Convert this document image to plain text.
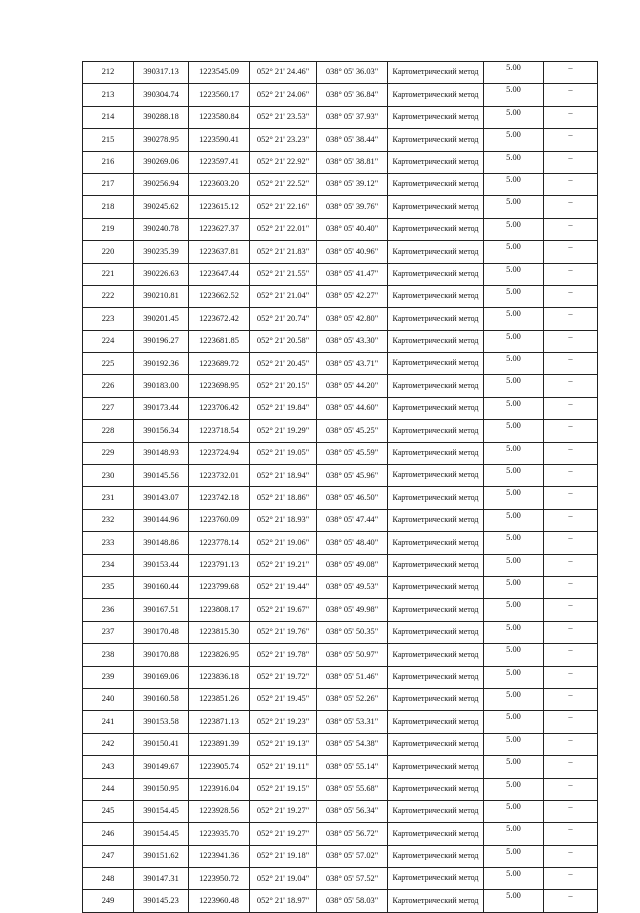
212	390317.13	1223545.09	052° 21' 24.46"	038° 05' 36.03"	Картометрический метод	5.00	–
213	390304.74	1223560.17	052° 21' 24.06"	038° 05' 36.84"	Картометрический метод	5.00	–
214	390288.18	1223580.84	052° 21' 23.53"	038° 05' 37.93"	Картометрический метод	5.00	–
215	390278.95	1223590.41	052° 21' 23.23"	038° 05' 38.44"	Картометрический метод	5.00	–
216	390269.06	1223597.41	052° 21' 22.92"	038° 05' 38.81"	Картометрический метод	5.00	–
217	390256.94	1223603.20	052° 21' 22.52"	038° 05' 39.12"	Картометрический метод	5.00	–
218	390245.62	1223615.12	052° 21' 22.16"	038° 05' 39.76"	Картометрический метод	5.00	–
219	390240.78	1223627.37	052° 21' 22.01"	038° 05' 40.40"	Картометрический метод	5.00	–
220	390235.39	1223637.81	052° 21' 21.83"	038° 05' 40.96"	Картометрический метод	5.00	–
221	390226.63	1223647.44	052° 21' 21.55"	038° 05' 41.47"	Картометрический метод	5.00	–
222	390210.81	1223662.52	052° 21' 21.04"	038° 05' 42.27"	Картометрический метод	5.00	–
223	390201.45	1223672.42	052° 21' 20.74"	038° 05' 42.80"	Картометрический метод	5.00	–
224	390196.27	1223681.85	052° 21' 20.58"	038° 05' 43.30"	Картометрический метод	5.00	–
225	390192.36	1223689.72	052° 21' 20.45"	038° 05' 43.71"	Картометрический метод	5.00	–
226	390183.00	1223698.95	052° 21' 20.15"	038° 05' 44.20"	Картометрический метод	5.00	–
227	390173.44	1223706.42	052° 21' 19.84"	038° 05' 44.60"	Картометрический метод	5.00	–
228	390156.34	1223718.54	052° 21' 19.29"	038° 05' 45.25"	Картометрический метод	5.00	–
229	390148.93	1223724.94	052° 21' 19.05"	038° 05' 45.59"	Картометрический метод	5.00	–
230	390145.56	1223732.01	052° 21' 18.94"	038° 05' 45.96"	Картометрический метод	5.00	–
231	390143.07	1223742.18	052° 21' 18.86"	038° 05' 46.50"	Картометрический метод	5.00	–
232	390144.96	1223760.09	052° 21' 18.93"	038° 05' 47.44"	Картометрический метод	5.00	–
233	390148.86	1223778.14	052° 21' 19.06"	038° 05' 48.40"	Картометрический метод	5.00	–
234	390153.44	1223791.13	052° 21' 19.21"	038° 05' 49.08"	Картометрический метод	5.00	–
235	390160.44	1223799.68	052° 21' 19.44"	038° 05' 49.53"	Картометрический метод	5.00	–
236	390167.51	1223808.17	052° 21' 19.67"	038° 05' 49.98"	Картометрический метод	5.00	–
237	390170.48	1223815.30	052° 21' 19.76"	038° 05' 50.35"	Картометрический метод	5.00	–
238	390170.88	1223826.95	052° 21' 19.78"	038° 05' 50.97"	Картометрический метод	5.00	–
239	390169.06	1223836.18	052° 21' 19.72"	038° 05' 51.46"	Картометрический метод	5.00	–
240	390160.58	1223851.26	052° 21' 19.45"	038° 05' 52.26"	Картометрический метод	5.00	–
241	390153.58	1223871.13	052° 21' 19.23"	038° 05' 53.31"	Картометрический метод	5.00	–
242	390150.41	1223891.39	052° 21' 19.13"	038° 05' 54.38"	Картометрический метод	5.00	–
243	390149.67	1223905.74	052° 21' 19.11"	038° 05' 55.14"	Картометрический метод	5.00	–
244	390150.95	1223916.04	052° 21' 19.15"	038° 05' 55.68"	Картометрический метод	5.00	–
245	390154.45	1223928.56	052° 21' 19.27"	038° 05' 56.34"	Картометрический метод	5.00	–
246	390154.45	1223935.70	052° 21' 19.27"	038° 05' 56.72"	Картометрический метод	5.00	–
247	390151.62	1223941.36	052° 21' 19.18"	038° 05' 57.02"	Картометрический метод	5.00	–
248	390147.31	1223950.72	052° 21' 19.04"	038° 05' 57.52"	Картометрический метод	5.00	–
249	390145.23	1223960.48	052° 21' 18.97"	038° 05' 58.03"	Картометрический метод	5.00	–
